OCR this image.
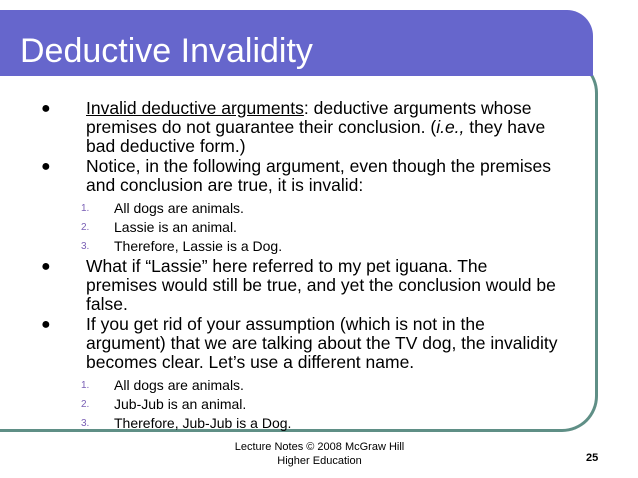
Deductive Invalidity
● Invalid deductive arguments: deductive arguments whose premises do not guarantee their conclusion. (i.e., they have bad deductive form.)
● Notice, in the following argument, even though the premises and conclusion are true, it is invalid:
1. All dogs are animals.
2. Lassie is an animal.
3. Therefore, Lassie is a Dog.
● What if “Lassie” here referred to my pet iguana. The premises would still be true, and yet the conclusion would be false.
● If you get rid of your assumption (which is not in the argument) that we are talking about the TV dog, the invalidity becomes clear. Let’s use a different name.
1. All dogs are animals.
2. Jub-Jub is an animal.
3. Therefore, Jub-Jub is a Dog.
Lecture Notes © 2008 McGraw Hill
Higher Education	25
